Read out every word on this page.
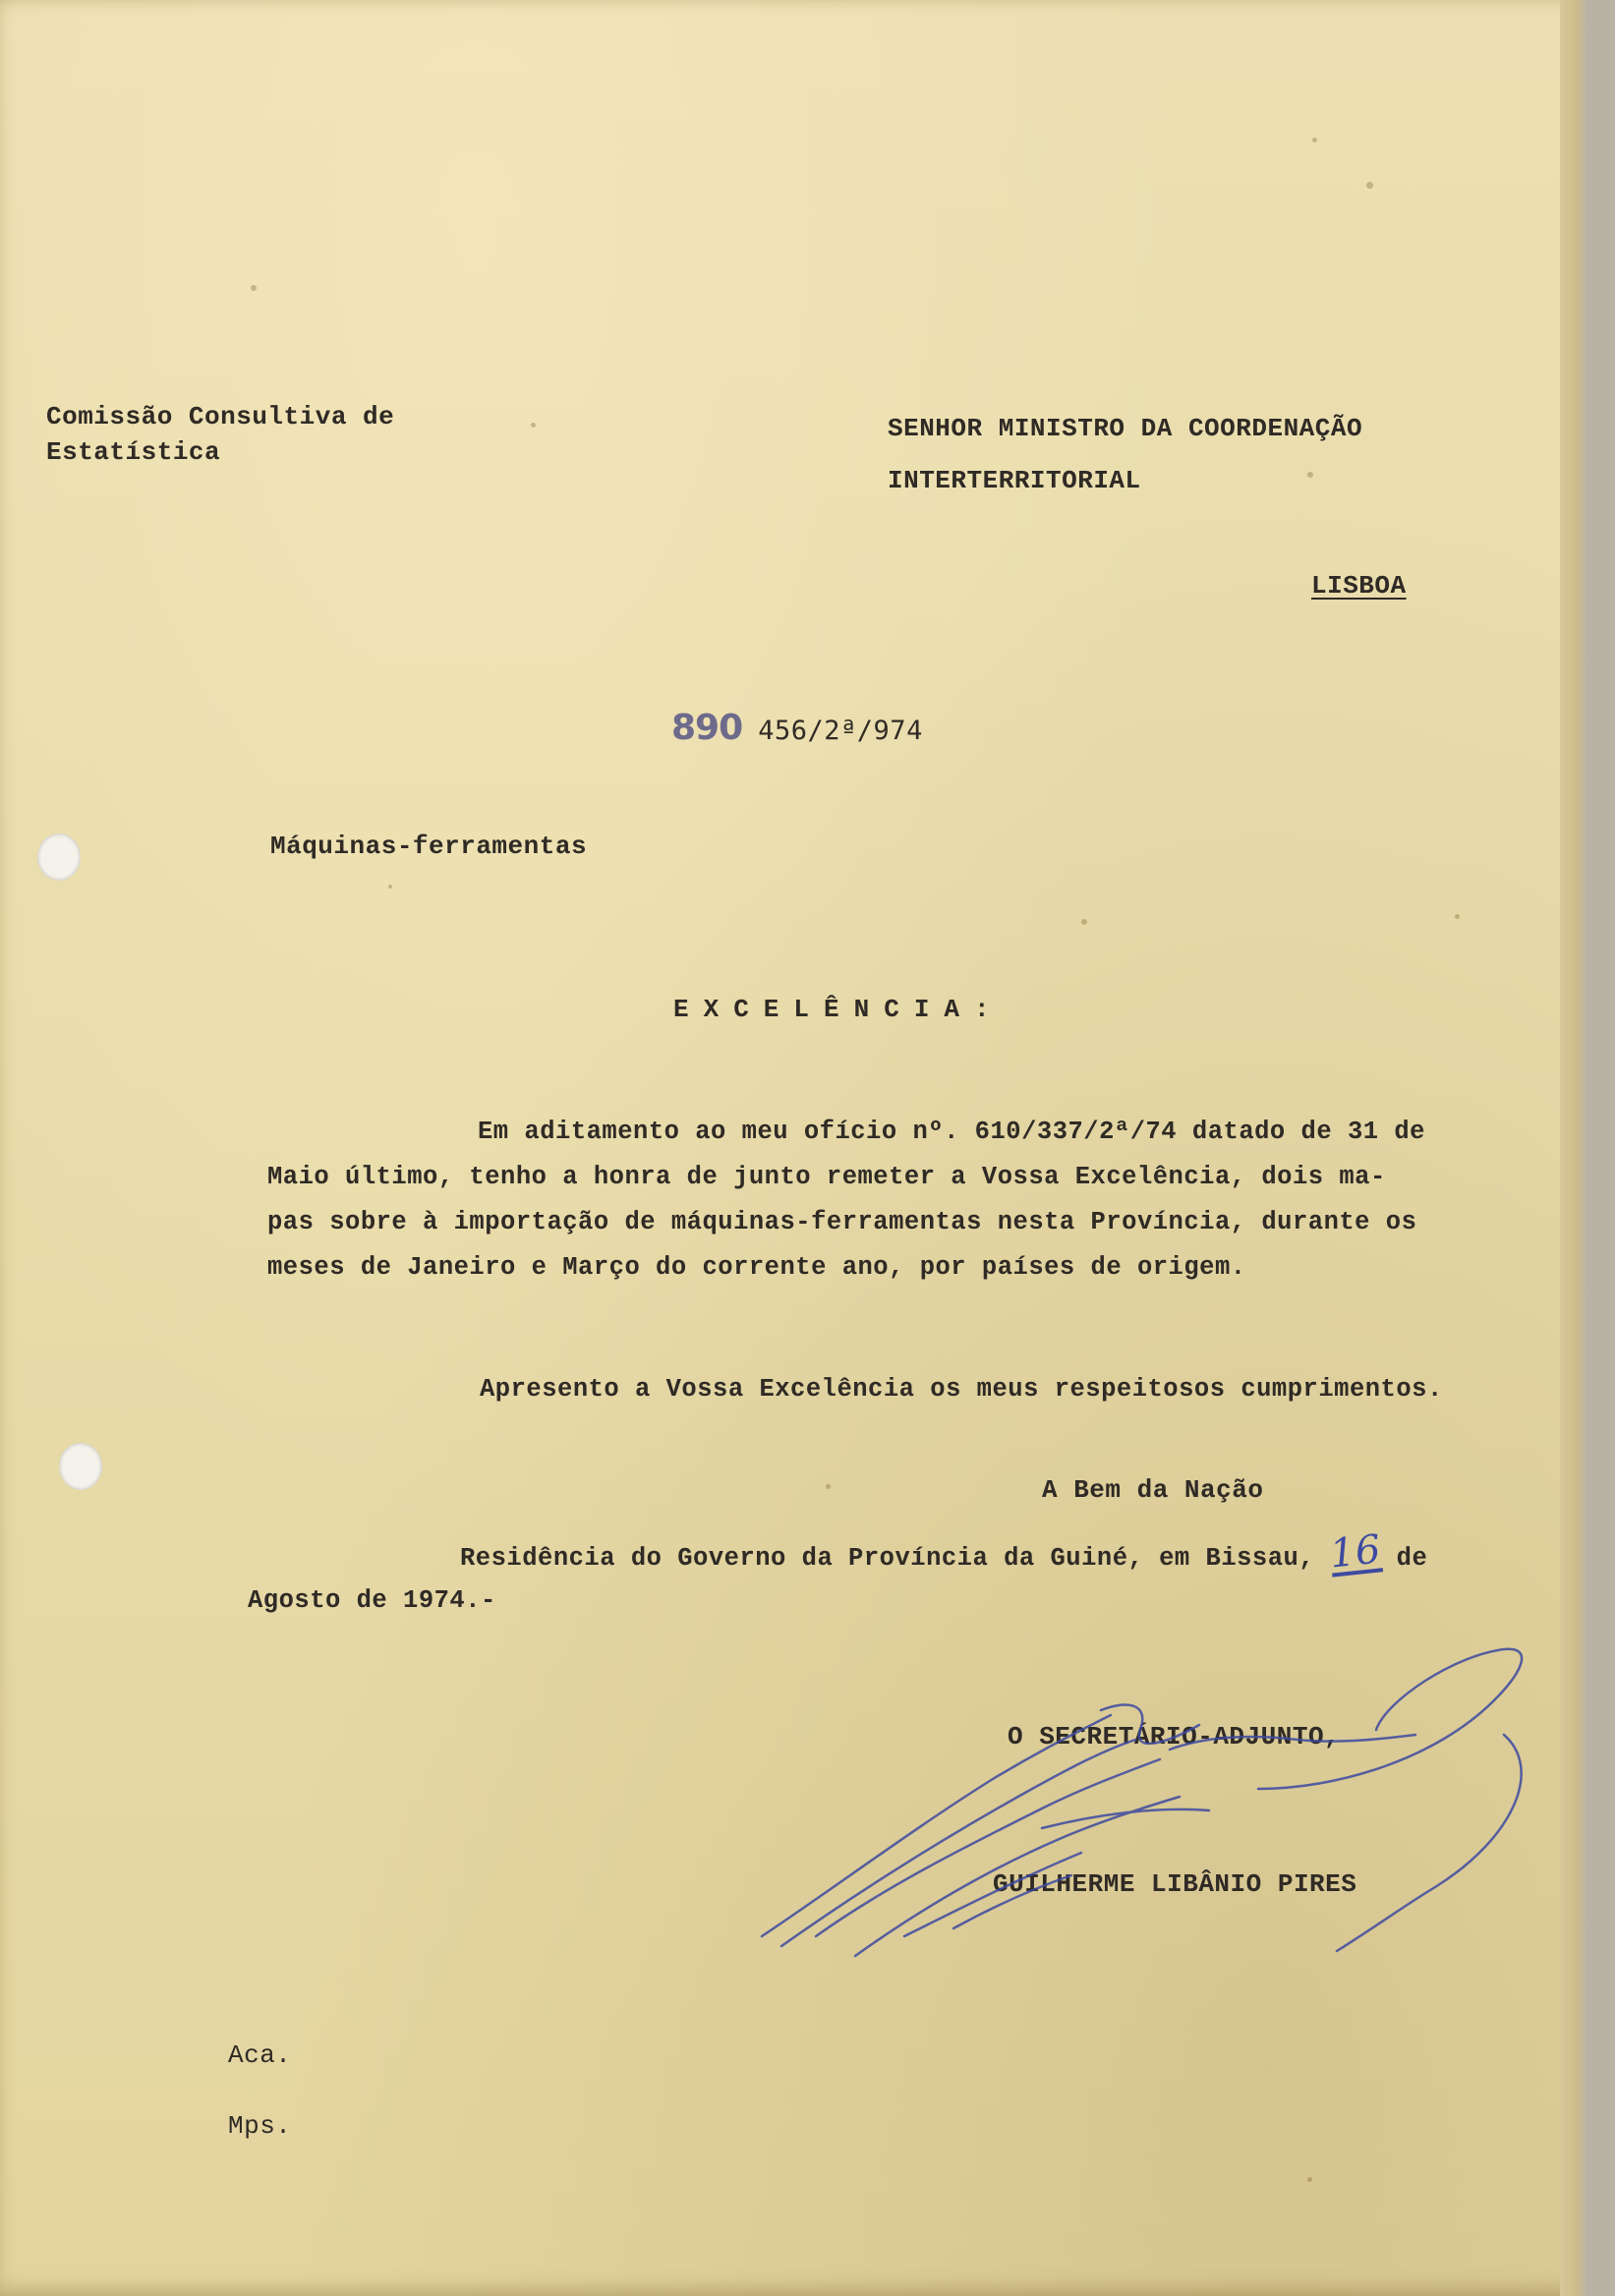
Comissão Consultiva de
Estatística
SENHOR MINISTRO DA COORDENAÇÃO
INTERTERRITORIAL
LISBOA
890 456/2ª/974
Máquinas-ferramentas
EXCELÊNCIA:
Em aditamento ao meu ofício nº. 610/337/2ª/74 datado de 31 de
Maio último, tenho a honra de junto remeter a Vossa Excelência, dois ma-
pas sobre à importação de máquinas-ferramentas nesta Província, durante os
meses de Janeiro e Março do corrente ano, por países de origem.
Apresento a Vossa Excelência os meus respeitosos cumprimentos.
A Bem da Nação
Residência do Governo da Província da Guiné, em Bissau, 16 de
Agosto de 1974.-
O SECRETÁRIO-ADJUNTO,
GUILHERME LIBÂNIO PIRES
Aca.
Mps.
